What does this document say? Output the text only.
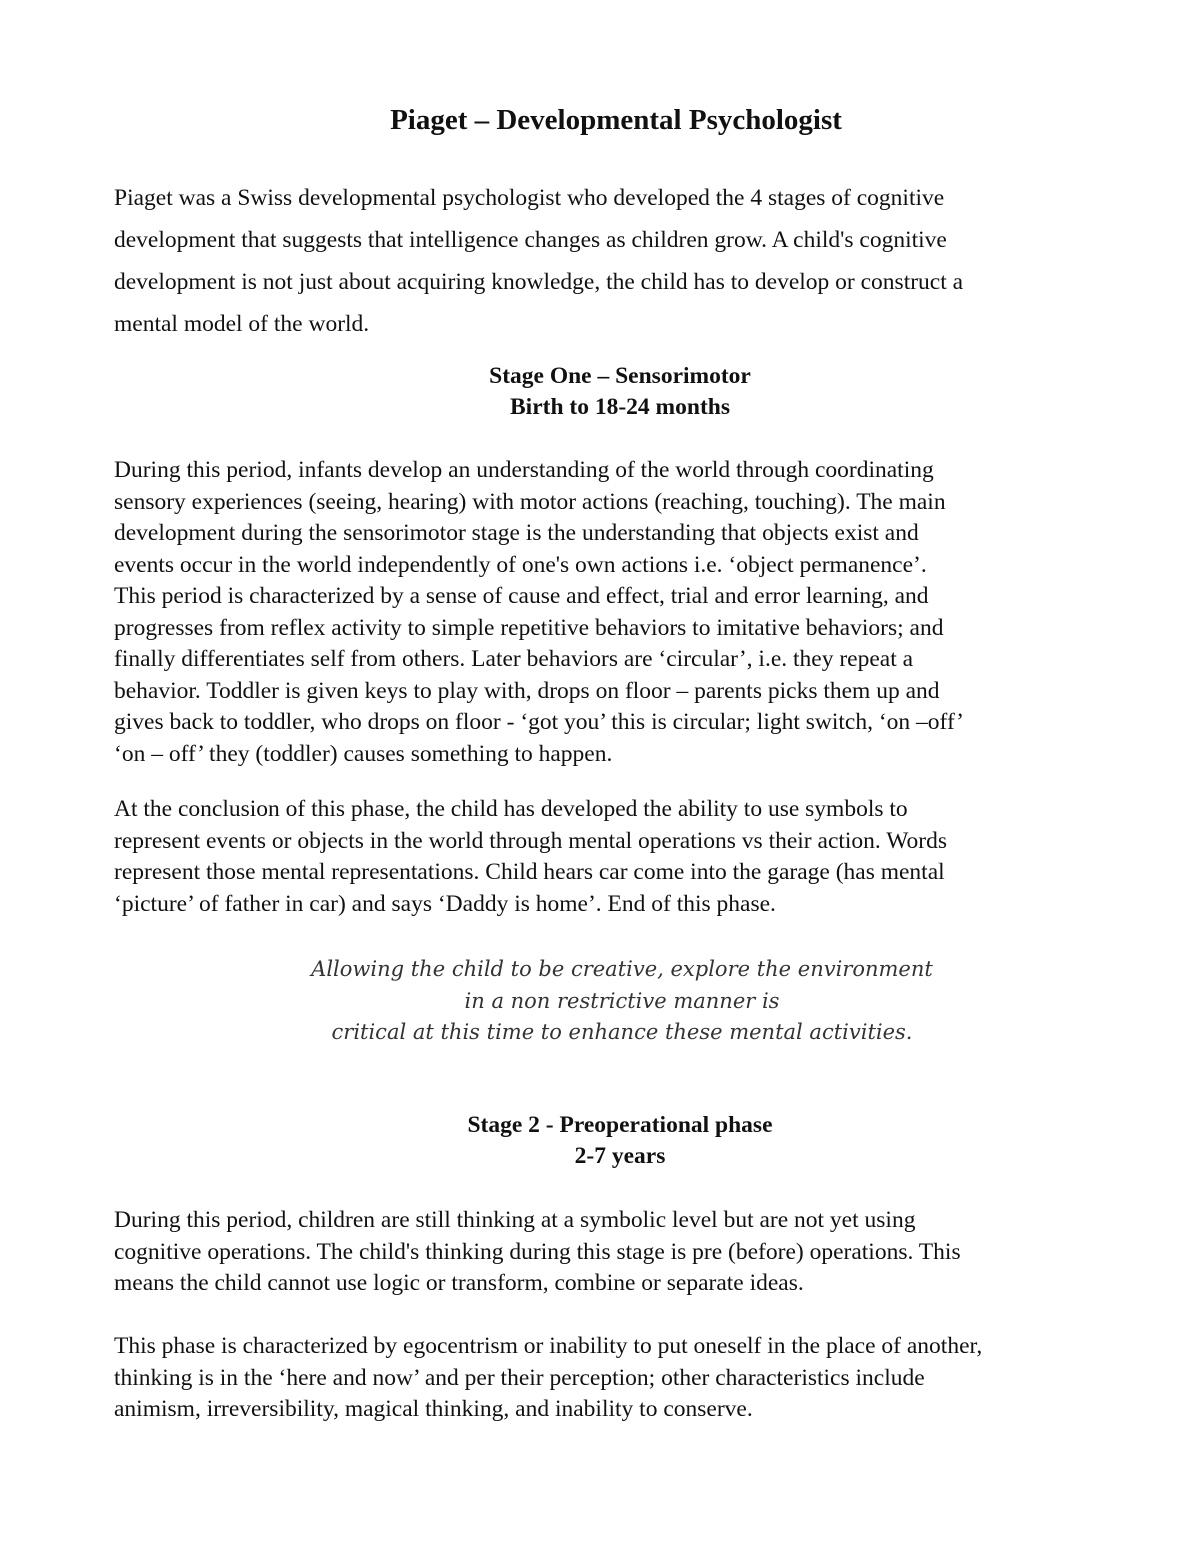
Piaget – Developmental Psychologist

Piaget was a Swiss developmental psychologist who developed the 4 stages of cognitive
development that suggests that intelligence changes as children grow. A child's cognitive
development is not just about acquiring knowledge, the child has to develop or construct a
mental model of the world.

Stage One – Sensorimotor
Birth to 18-24 months

During this period, infants develop an understanding of the world through coordinating
sensory experiences (seeing, hearing) with motor actions (reaching, touching). The main
development during the sensorimotor stage is the understanding that objects exist and
events occur in the world independently of one's own actions i.e. ‘object permanence’.
This period is characterized by a sense of cause and effect, trial and error learning, and
progresses from reflex activity to simple repetitive behaviors to imitative behaviors; and
finally differentiates self from others. Later behaviors are ‘circular’, i.e. they repeat a
behavior. Toddler is given keys to play with, drops on floor – parents picks them up and
gives back to toddler, who drops on floor - ‘got you’ this is circular; light switch, ‘on –off’
‘on – off’ they (toddler) causes something to happen.

At the conclusion of this phase, the child has developed the ability to use symbols to
represent events or objects in the world through mental operations vs their action. Words
represent those mental representations. Child hears car come into the garage (has mental
‘picture’ of father in car) and says ‘Daddy is home’. End of this phase.

Allowing the child to be creative, explore the environment
in a non restrictive manner is
critical at this time to enhance these mental activities.

Stage 2 - Preoperational phase
2-7 years

During this period, children are still thinking at a symbolic level but are not yet using
cognitive operations. The child's thinking during this stage is pre (before) operations. This
means the child cannot use logic or transform, combine or separate ideas.

This phase is characterized by egocentrism or inability to put oneself in the place of another,
thinking is in the ‘here and now’ and per their perception; other characteristics include
animism, irreversibility, magical thinking, and inability to conserve.
